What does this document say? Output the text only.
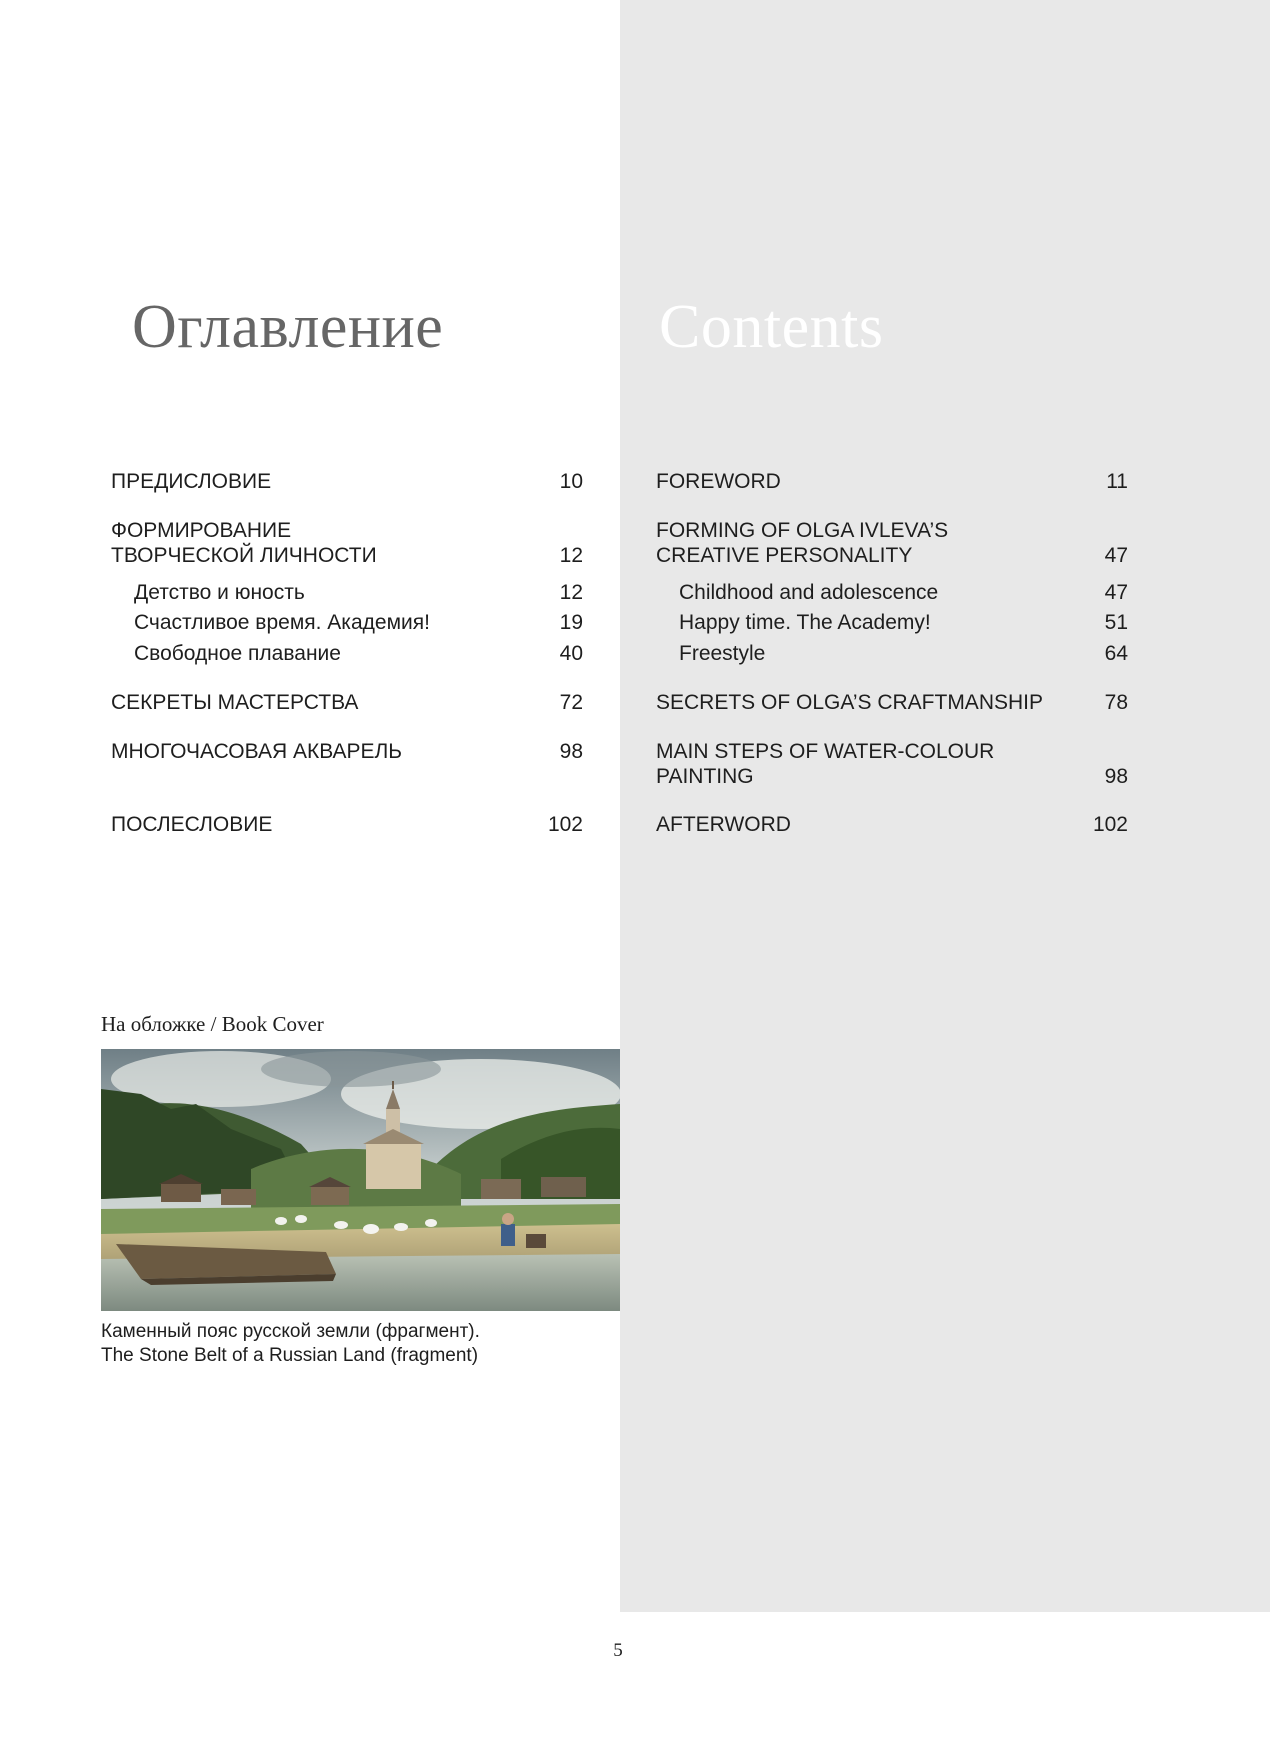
Оглавление	Contents
ПРЕДИСЛОВИЕ	10
ФОРМИРОВАНИЕ
ТВОРЧЕСКОЙ ЛИЧНОСТИ	12
Детство и юность	12
Счастливое время. Академия!	19
Свободное плавание	40
СЕКРЕТЫ МАСТЕРСТВА	72
МНОГОЧАСОВАЯ АКВАРЕЛЬ	98
ПОСЛЕСЛОВИЕ	102
FOREWORD	11
FORMING OF OLGA IVLEVA’S
CREATIVE PERSONALITY	47
Childhood and adolescence	47
Happy time. The Academy!	51
Freestyle	64
SECRETS OF OLGA’S CRAFTMANSHIP	78
MAIN STEPS OF WATER-COLOUR
PAINTING	98
AFTERWORD	102
На обложке / Book Cover
Каменный пояс русской земли (фрагмент).
The Stone Belt of a Russian Land (fragment)
5
